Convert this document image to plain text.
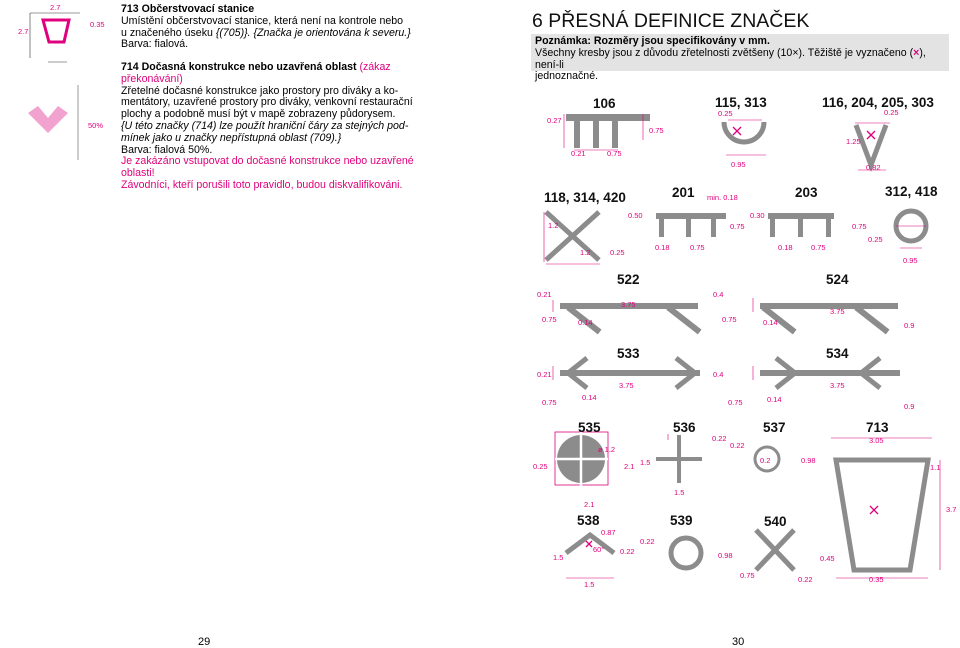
2.7
2.7
0.35
50%
713 Občerstvovací stanice
Umístění občerstvovací stanice, která není na kontrole nebo
u značeného úseku {(705)}. {Značka je orientována k severu.}
Barva: fialová.
714 Dočasná konstrukce nebo uzavřená oblast (zákaz
překonávání)
Zřetelné dočasné konstrukce jako prostory pro diváky a ko-
mentátory, uzavřené prostory pro diváky, venkovní restaurační
plochy a podobně musí být v mapě zobrazeny půdorysem.
{U této značky (714) lze použít hraniční čáry za stejných pod-
mínek jako u značky nepřístupná oblast (709).}
Barva: fialová 50%.
Je zakázáno vstupovat do dočasné konstrukce nebo uzavřené
oblasti!
Závodníci, kteří porušili toto pravidlo, budou diskvalifikováni.
29
6 PŘESNÁ DEFINICE ZNAČEK
Poznámka: Rozměry jsou specifikovány v mm.
Všechny kresby jsou z důvodu zřetelnosti zvětšeny (10×). Těžiště je vyznačeno (×), není-li
jednoznačné.
106	115, 313	116, 204, 205, 303
118, 314, 420	201	203	312, 418
522	524
533	534
535	536	537	713
538	539	540
0.27
0.75
0.21	0.75
0.25
0.95
0.25
1.25
0.82
1.2
1.2	0.25
min. 0.18
0.50
0.18	0.75
0.30
0.75
0.18 0.75
0.75
0.25
0.95
0.21
3.75
0.75	0.14
0.4
0.75	0.14
3.75
0.9
0.21
3.75
0.75
0.14
0.4
0.75	0.14
3.75
0.9
ø 1.2
0.25	2.1
2.1
0.22
0.22
1.5
1.5
0.2	0.98
3.05
1.1
3.7
0.45
0.35
0.87
60°
1.5
0.22
1.5
0.22
0.98
0.75	0.22
30
